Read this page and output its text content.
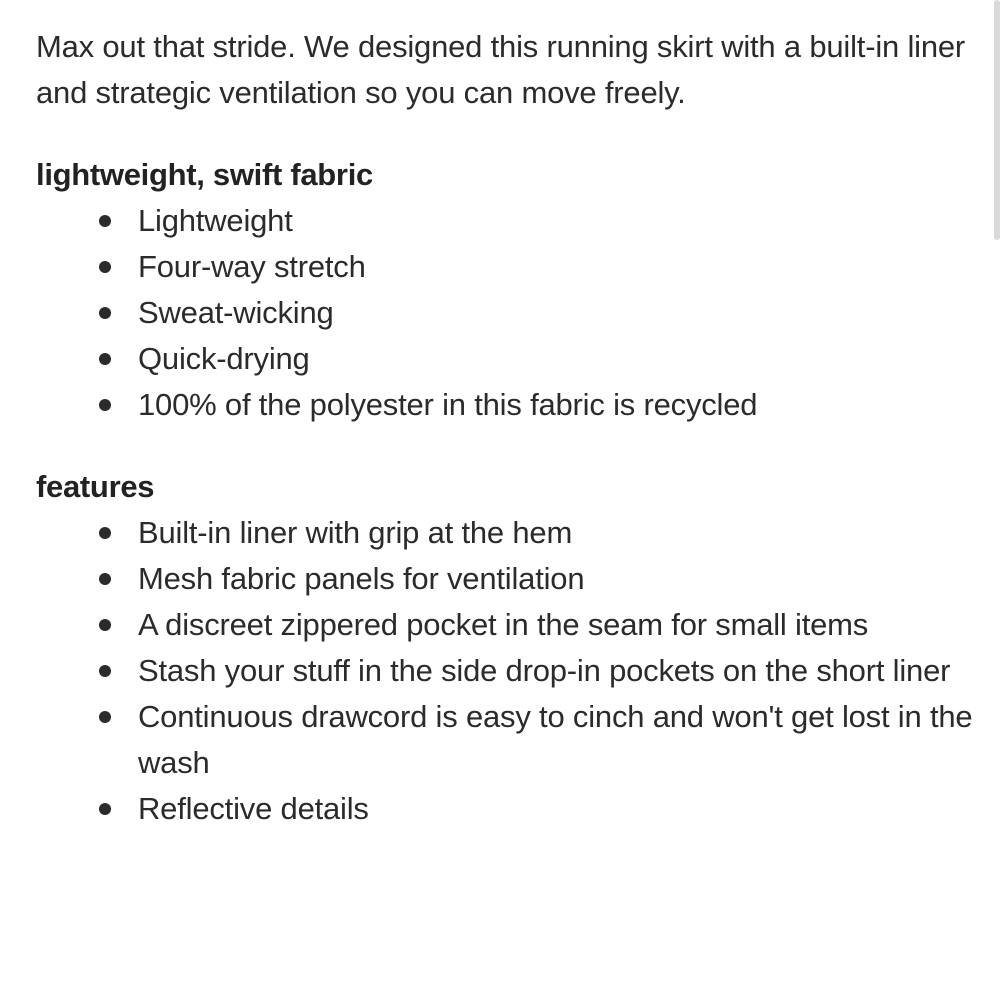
Max out that stride. We designed this running skirt with a built-in liner and strategic ventilation so you can move freely.

lightweight, swift fabric
Lightweight
Four-way stretch
Sweat-wicking
Quick-drying
100% of the polyester in this fabric is recycled
features
Built-in liner with grip at the hem
Mesh fabric panels for ventilation
A discreet zippered pocket in the seam for small items
Stash your stuff in the side drop-in pockets on the short liner
Continuous drawcord is easy to cinch and won't get lost in the wash
Reflective details
